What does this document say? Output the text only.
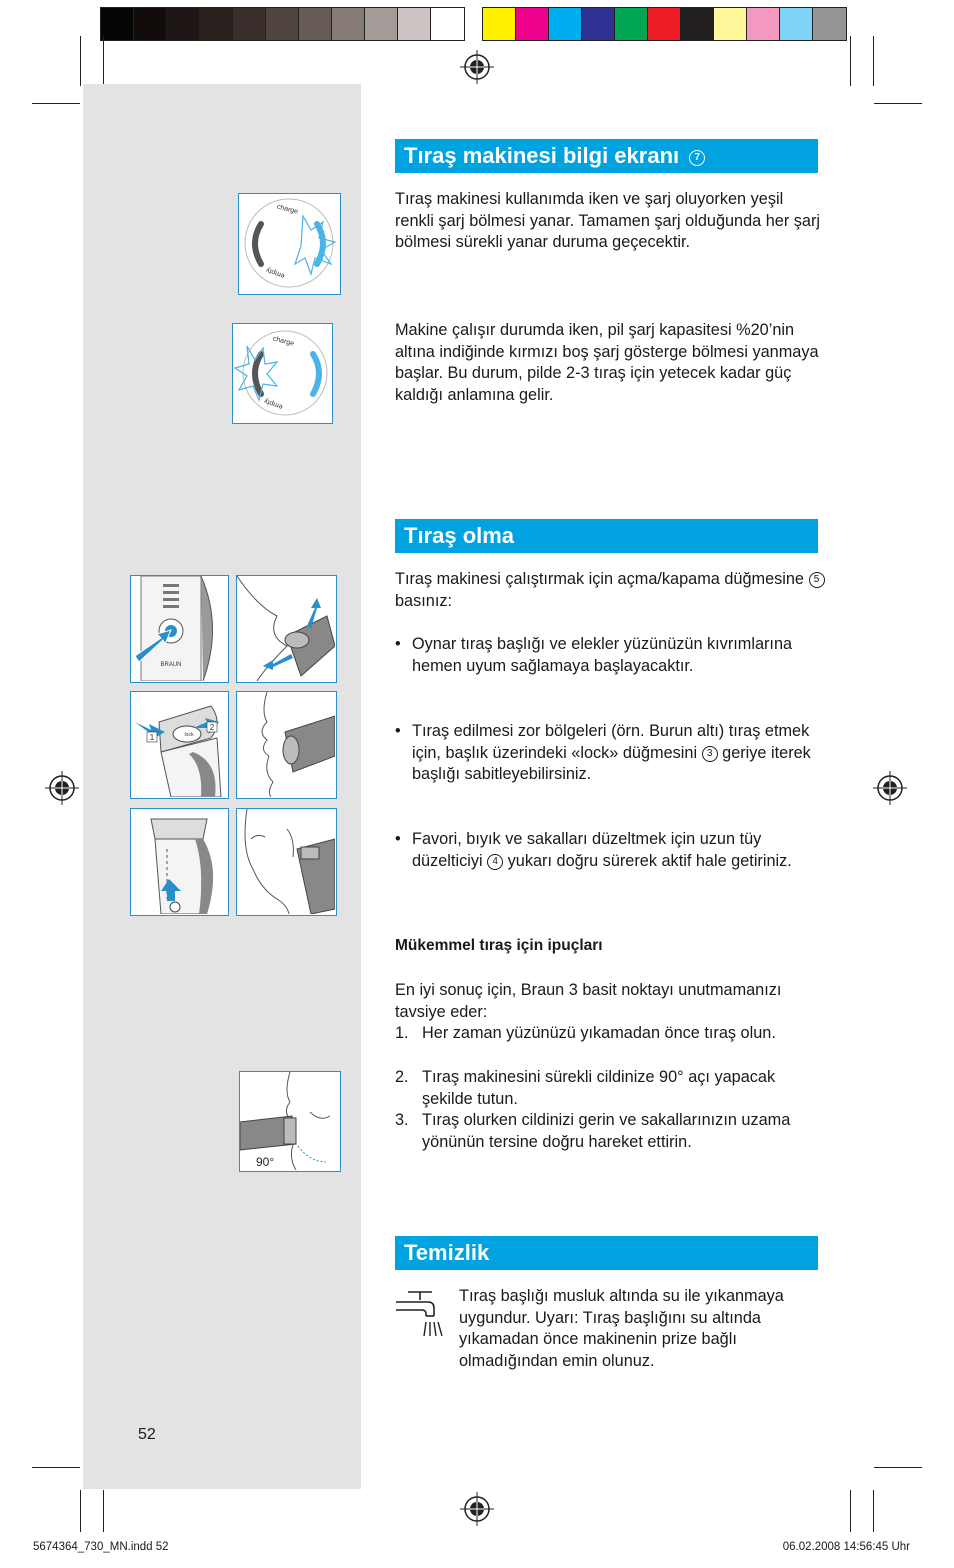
charge
empty
charge
empty
BRAUN
1
2
lock
90°
Tıraş makinesi bilgi ekranı 7

Tıraş makinesi kullanımda iken ve şarj oluyorken yeşil renkli şarj bölmesi yanar. Tamamen şarj olduğunda her şarj bölmesi sürekli yanar duruma geçecektir.

Makine çalışır durumda iken, pil şarj kapasitesi %20’nin altına indiğinde kırmızı boş şarj gösterge bölmesi yanmaya başlar. Bu durum, pilde 2-3 tıraş için yetecek kadar güç kaldığı anlamına gelir.

Tıraş olma
Tıraş makinesi çalıştırmak için açma/kapama düğmesine 5 basınız:
• Oynar tıraş başlığı ve elekler yüzünüzün kıvrımlarına hemen uyum sağlamaya başlayacaktır.
• Tıraş edilmesi zor bölgeleri (örn. Burun altı) tıraş etmek için, başlık üzerindeki «lock» düğmesini 3 geriye iterek başlığı sabitleyebilirsiniz.
• Favori, bıyık ve sakalları düzeltmek için uzun tüy düzelticiyi 4 yukarı doğru sürerek aktif hale getiriniz.
Mükemmel tıraş için ipuçları

En iyi sonuç için, Braun 3 basit noktayı unutmamanızı tavsiye eder:

1. Her zaman yüzünüzü yıkamadan önce tıraş olun.
2. Tıraş makinesini sürekli cildinize 90° açı yapacak şekilde tutun.
3. Tıraş olurken cildinizi gerin ve sakallarınızın uzama yönünün tersine doğru hareket ettirin.
Temizlik

Tıraş başlığı musluk altında su ile yıkanmaya uygundur. Uyarı: Tıraş başlığını su altında yıkamadan önce makinenin prize bağlı olmadığından emin olunuz.

52
5674364_730_MN.indd 52	06.02.2008 14:56:45 Uhr
